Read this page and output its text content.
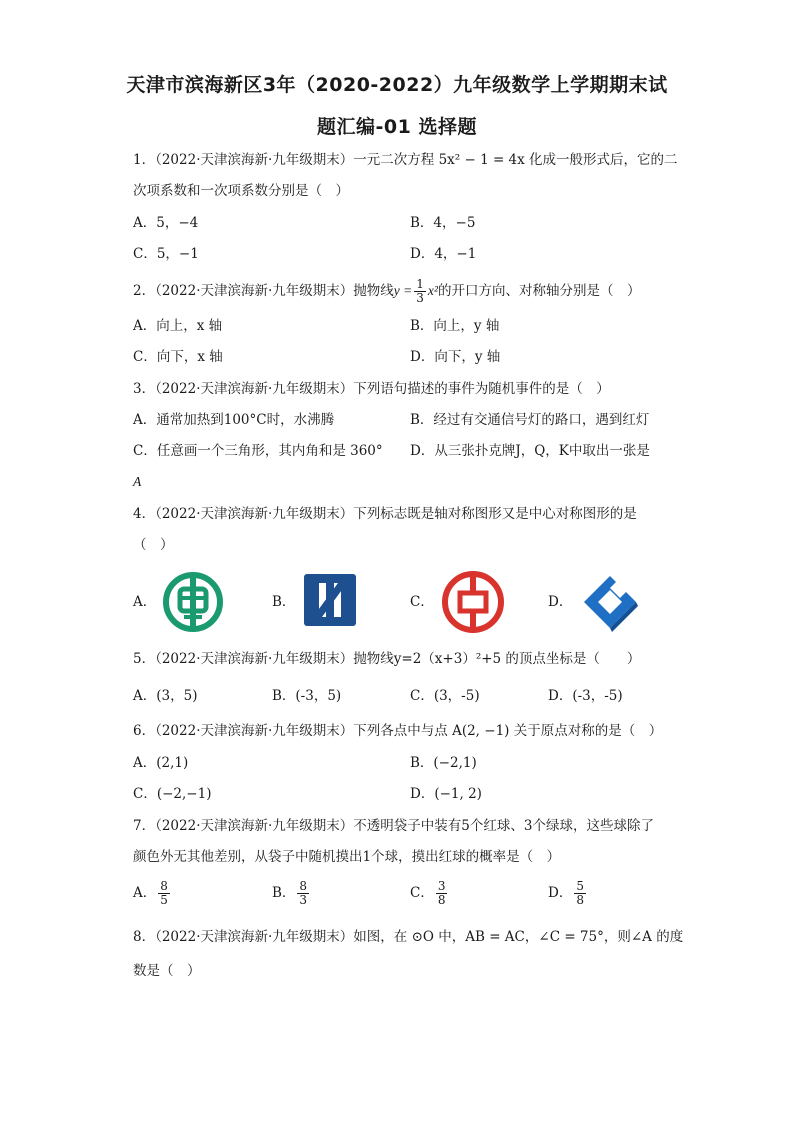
天津市滨海新区3年（2020-2022）九年级数学上学期期末试
题汇编-01 选择题
1．（2022·天津滨海新·九年级期末）一元二次方程 5x² − 1 = 4x 化成一般形式后，它的二
次项系数和一次项系数分别是（　）
A．5，−4	B．4，−5
C．5，−1	D．4，−1
2．（2022·天津滨海新·九年级期末）抛物线$y = \frac{1}{3} x^2$的开口方向、对称轴分别是（　）
A．向上，x 轴	B．向上，y 轴
C．向下，x 轴	D．向下，y 轴
3．（2022·天津滨海新·九年级期末）下列语句描述的事件为随机事件的是（　）
A．通常加热到100°C时，水沸腾	B．经过有交通信号灯的路口，遇到红灯
C．任意画一个三角形，其内角和是 360° D．从三张扑克牌J，Q，K中取出一张是
A
4．（2022·天津滨海新·九年级期末）下列标志既是轴对称图形又是中心对称图形的是
（　）
A．	B．	C．	D．
5．（2022·天津滨海新·九年级期末）抛物线y=2（x+3）²+5 的顶点坐标是（　　）
A．(3，5)	B．(-3，5)	C．(3，-5)	D．(-3，-5)
6．（2022·天津滨海新·九年级期末）下列各点中与点 A(2, −1) 关于原点对称的是（　）
A．(2,1)	B．(−2,1)
C．(−2,−1)	D．(−1, 2)
7．（2022·天津滨海新·九年级期末）不透明袋子中装有5个红球、3个绿球，这些球除了
颜色外无其他差别，从袋子中随机摸出1个球，摸出红球的概率是（　）
A． $\frac{8}{5}$	B． $\frac{8}{3}$	C． $\frac{3}{8}$	D． $\frac{5}{8}$
8．（2022·天津滨海新·九年级期末）如图，在 ⊙O 中，AB = AC，∠C = 75°，则∠A 的度
数是（　）
